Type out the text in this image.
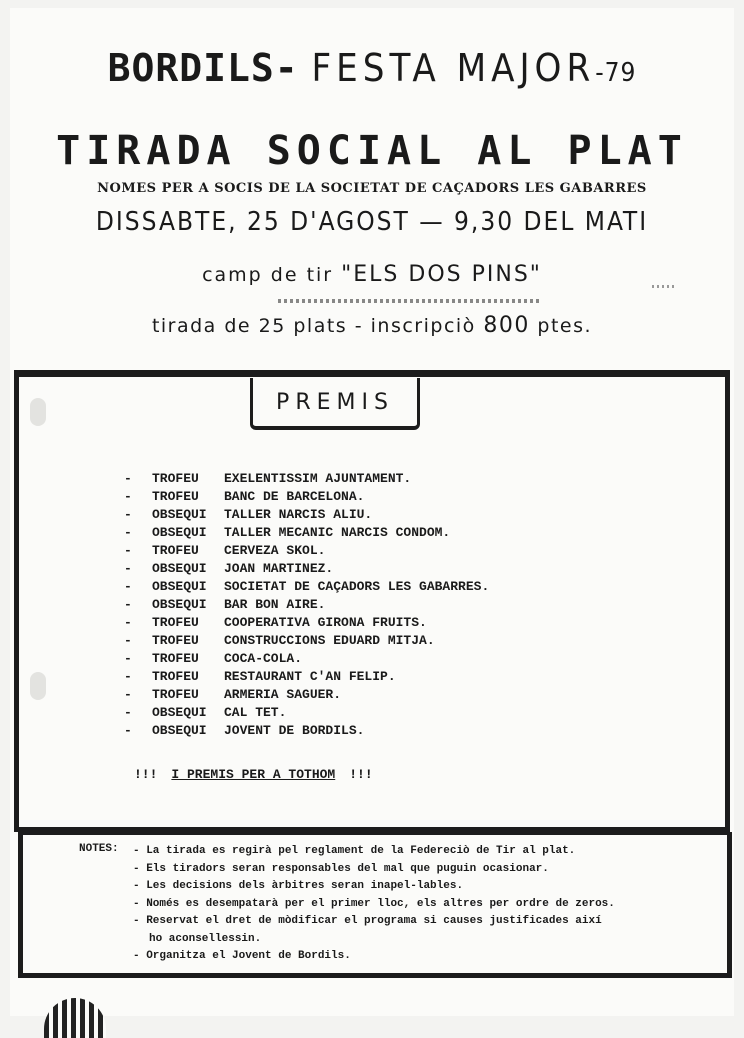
BORDILS- FESTA MAJOR-79
TIRADA SOCIAL AL PLAT
NOMES PER A SOCIS DE LA SOCIETAT DE CAÇADORS LES GABARRES
DISSABTE, 25 D'AGOST — 9,30 DEL MATI
camp de tir "ELS DOS PINS"
tirada de 25 plats - inscripciò 800 ptes.
PREMIS
- TROFEU EXELENTISSIM AJUNTAMENT.
- TROFEU BANC DE BARCELONA.
- OBSEQUI TALLER NARCIS ALIU.
- OBSEQUI TALLER MECANIC NARCIS CONDOM.
- TROFEU CERVEZA SKOL.
- OBSEQUI JOAN MARTINEZ.
- OBSEQUI SOCIETAT DE CAÇADORS LES GABARRES.
- OBSEQUI BAR BON AIRE.
- TROFEU COOPERATIVA GIRONA FRUITS.
- TROFEU CONSTRUCCIONS EDUARD MITJA.
- TROFEU COCA-COLA.
- TROFEU RESTAURANT C'AN FELIP.
- TROFEU ARMERIA SAGUER.
- OBSEQUI CAL TET.
- OBSEQUI JOVENT DE BORDILS.
!!! I PREMIS PER A TOTHOM !!!
NOTES: - La tirada es regirà pel reglament de la Federeciò de Tir al plat.
- Els tiradors seran responsables del mal que puguin ocasionar.
- Les decisions dels àrbitres seran inapel-lables.
- Només es desempatarà per el primer lloc, els altres per ordre de zeros.
- Reservat el dret de mòdificar el programa si causes justificades així
ho aconsellessin.
- Organitza el Jovent de Bordils.
